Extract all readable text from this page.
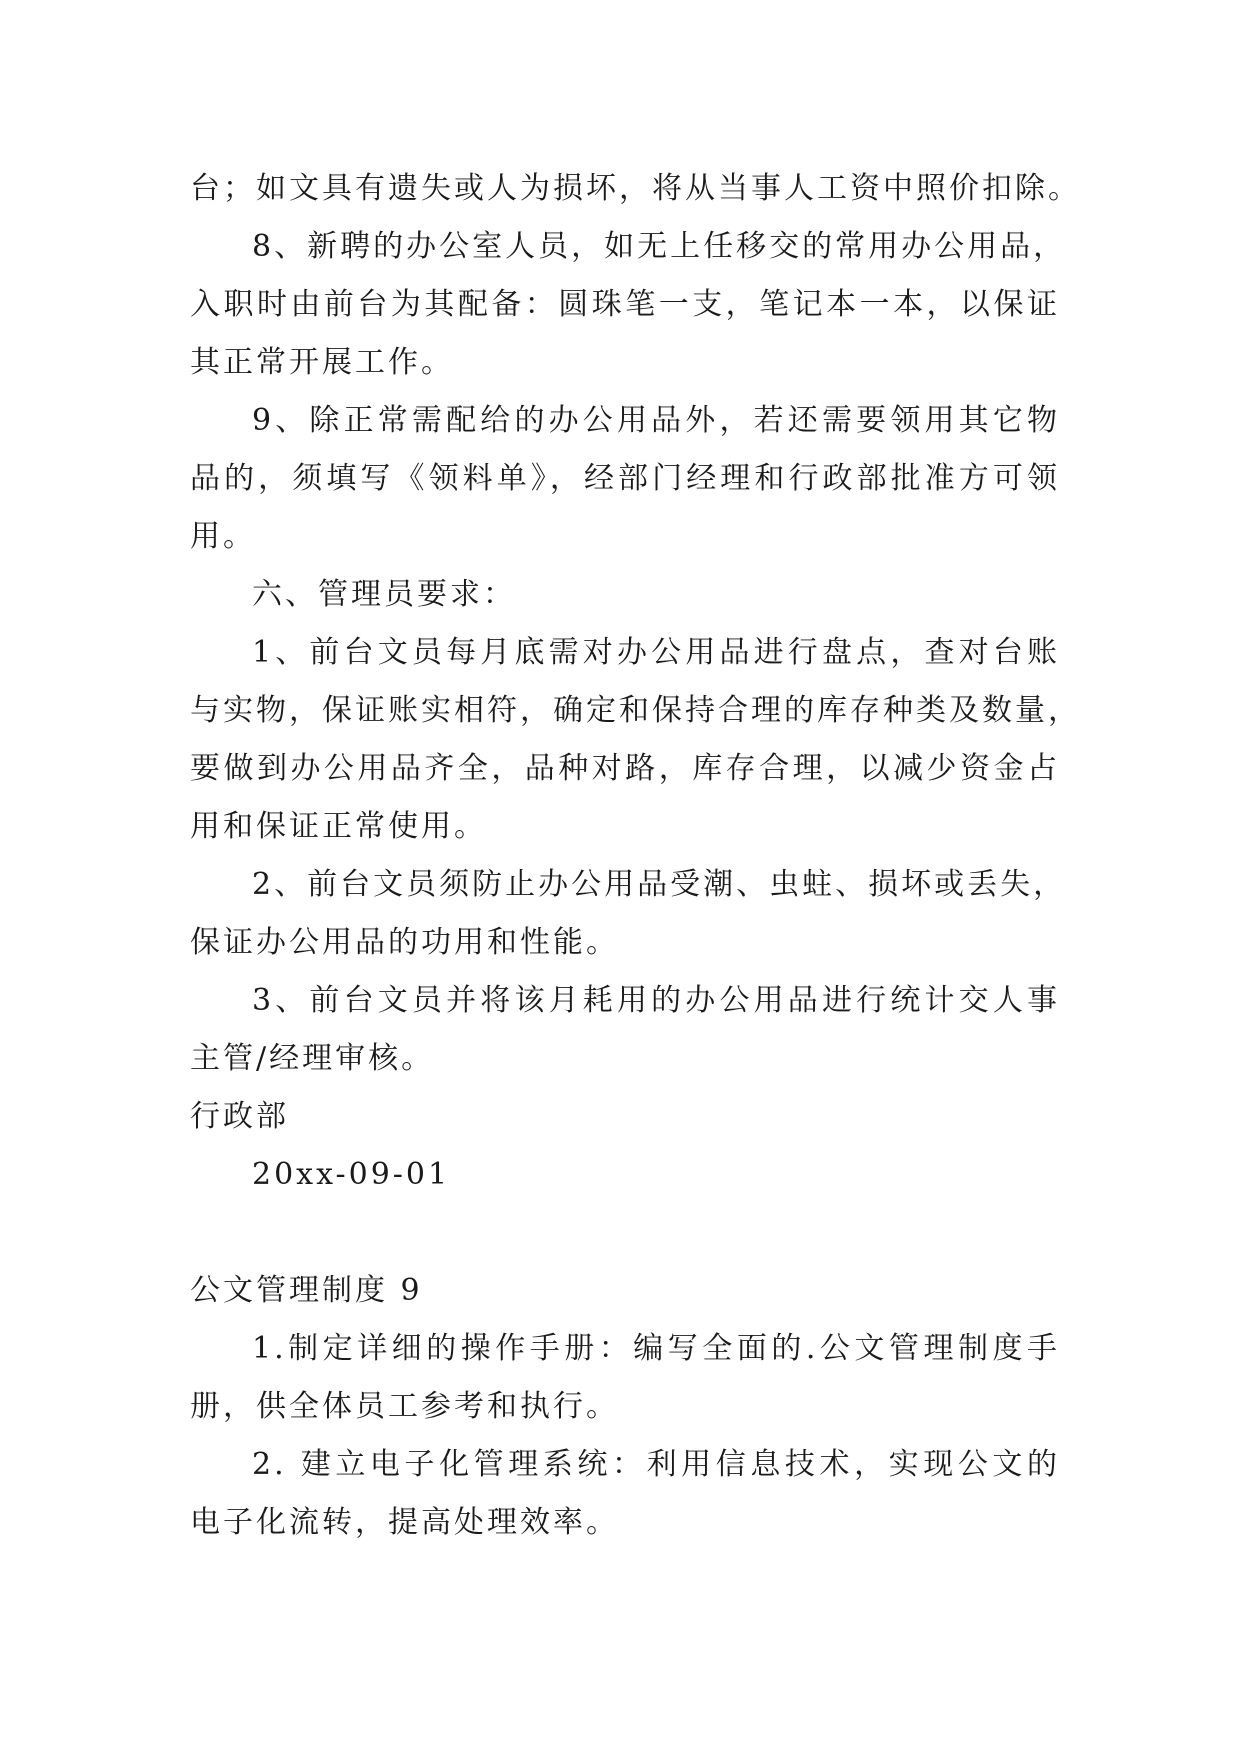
台；如文具有遗失或人为损坏，将从当事人工资中照价扣除。
8、新聘的办公室人员，如无上任移交的常用办公用品，
入职时由前台为其配备：圆珠笔一支，笔记本一本，以保证
其正常开展工作。
9、除正常需配给的办公用品外，若还需要领用其它物
品的，须填写《领料单》，经部门经理和行政部批准方可领
用。
六、管理员要求：
1、前台文员每月底需对办公用品进行盘点，查对台账
与实物，保证账实相符，确定和保持合理的库存种类及数量，
要做到办公用品齐全，品种对路，库存合理，以减少资金占
用和保证正常使用。
2、前台文员须防止办公用品受潮、虫蛀、损坏或丢失，
保证办公用品的功用和性能。
3、前台文员并将该月耗用的办公用品进行统计交人事
主管/经理审核。
行政部
20xx-09-01
公文管理制度 9
1.制定详细的操作手册：编写全面的.公文管理制度手
册，供全体员工参考和执行。
2. 建立电子化管理系统：利用信息技术，实现公文的
电子化流转，提高处理效率。
